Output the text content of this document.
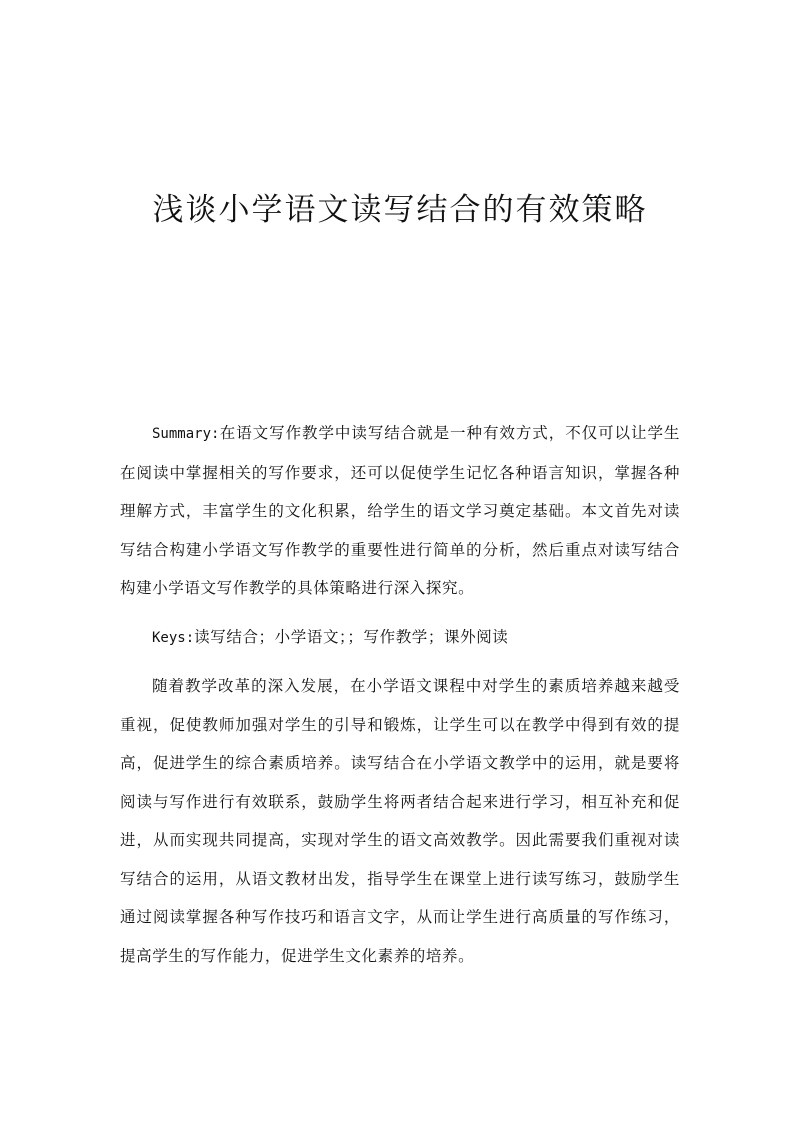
浅谈小学语文读写结合的有效策略

Summary:在语文写作教学中读写结合就是一种有效方式，不仅可以让学生在阅读中掌握相关的写作要求，还可以促使学生记忆各种语言知识，掌握各种理解方式，丰富学生的文化积累，给学生的语文学习奠定基础。本文首先对读写结合构建小学语文写作教学的重要性进行简单的分析，然后重点对读写结合构建小学语文写作教学的具体策略进行深入探究。

Keys:读写结合；小学语文；；写作教学；课外阅读

随着教学改革的深入发展，在小学语文课程中对学生的素质培养越来越受重视，促使教师加强对学生的引导和锻炼，让学生可以在教学中得到有效的提高，促进学生的综合素质培养。读写结合在小学语文教学中的运用，就是要将阅读与写作进行有效联系，鼓励学生将两者结合起来进行学习，相互补充和促进，从而实现共同提高，实现对学生的语文高效教学。因此需要我们重视对读写结合的运用，从语文教材出发，指导学生在课堂上进行读写练习，鼓励学生通过阅读掌握各种写作技巧和语言文字，从而让学生进行高质量的写作练习，提高学生的写作能力，促进学生文化素养的培养。
